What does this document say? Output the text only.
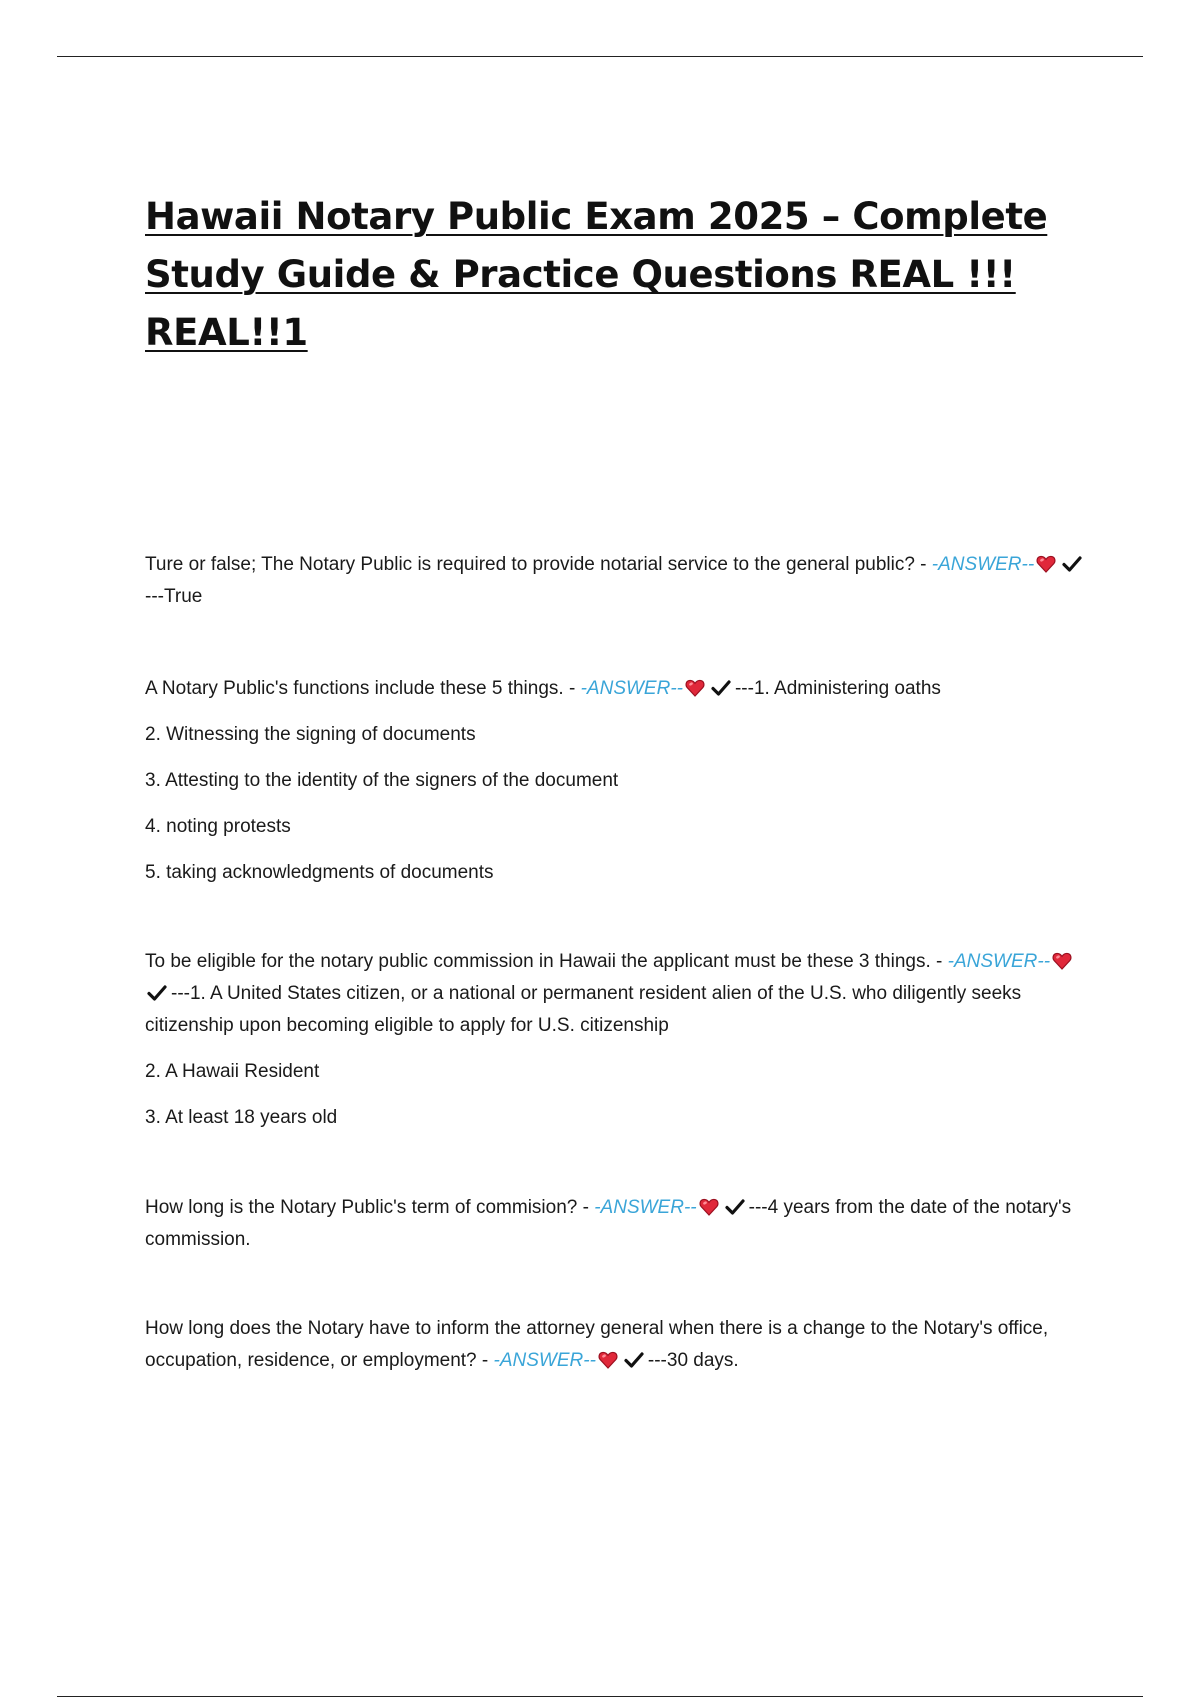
Hawaii Notary Public Exam 2025 – Complete Study Guide & Practice Questions REAL !!! REAL!!1

Ture or false; The Notary Public is required to provide notarial service to the general public? - -ANSWER-----True

A Notary Public's functions include these 5 things. - -ANSWER--	---1. Administering oaths

2. Witnessing the signing of documents

3. Attesting to the identity of the signers of the document

4. noting protests

5. taking acknowledgments of documents

To be eligible for the notary public commission in Hawaii the applicant must be these 3 things. - -ANSWER-----1. A United States citizen, or a national or permanent resident alien of the U.S. who diligently seeks citizenship upon becoming eligible to apply for U.S. citizenship

2. A Hawaii Resident

3. At least 18 years old

How long is the Notary Public's term of commision? - -ANSWER--	---4 years from the date of the notary's commission.

How long does the Notary have to inform the attorney general when there is a change to the Notary's office, occupation, residence, or employment? - -ANSWER--	---30 days.
